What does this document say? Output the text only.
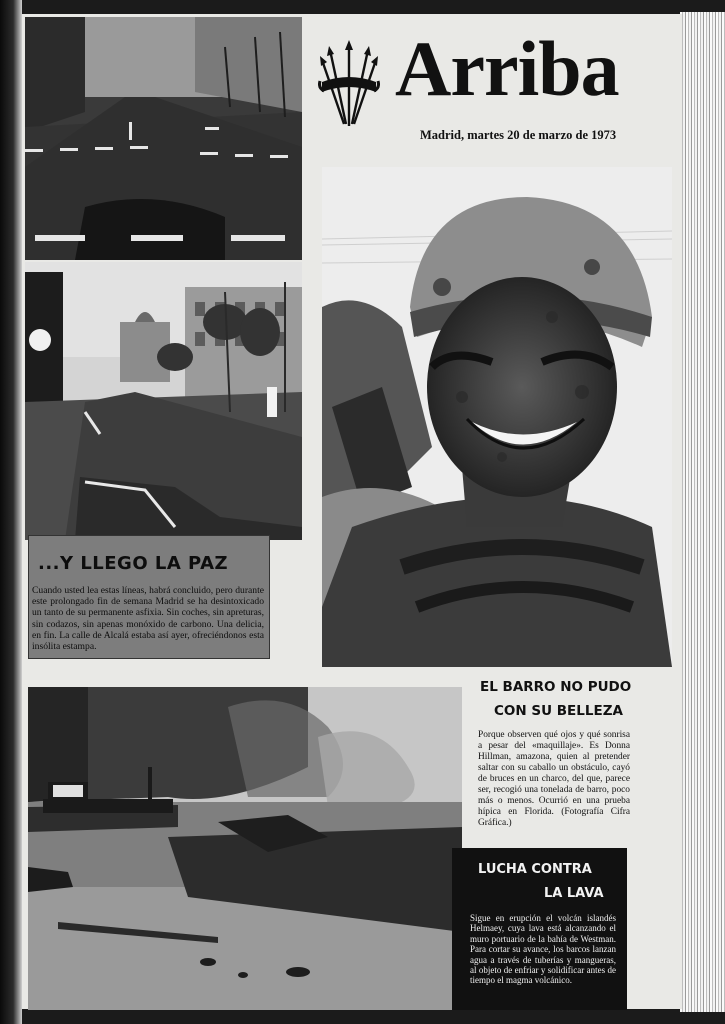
Arriba
Madrid, martes 20 de marzo de 1973
...Y LLEGO LA PAZ
Cuando usted lea estas líneas, habrá concluido, pero durante este prolongado fin de semana Madrid se ha desintoxicado un tanto de su permanente asfixia. Sin coches, sin apreturas, sin codazos, sin apenas monóxido de carbono. Una delicia, en fin. La calle de Alcalá estaba así ayer, ofreciéndonos esta insólita estampa.
EL BARRO NO PUDO
CON SU BELLEZA
Porque observen qué ojos y qué sonrisa a pesar del «maquillaje». Es Donna Hillman, amazona, quien al pretender saltar con su caballo un obstáculo, cayó de bruces en un charco, del que, parece ser, recogió una tonelada de barro, poco más o menos. Ocurrió en una prueba hípica en Florida. (Fotografía Cifra Gráfica.)
LUCHA CONTRA
LA LAVA
Sigue en erupción el volcán islandés Helmaey, cuya lava está alcanzando el muro portuario de la bahía de Westman. Para cortar su avance, los barcos lanzan agua a través de tuberías y mangueras, al objeto de enfriar y solidificar antes de tiempo el magma volcánico.
